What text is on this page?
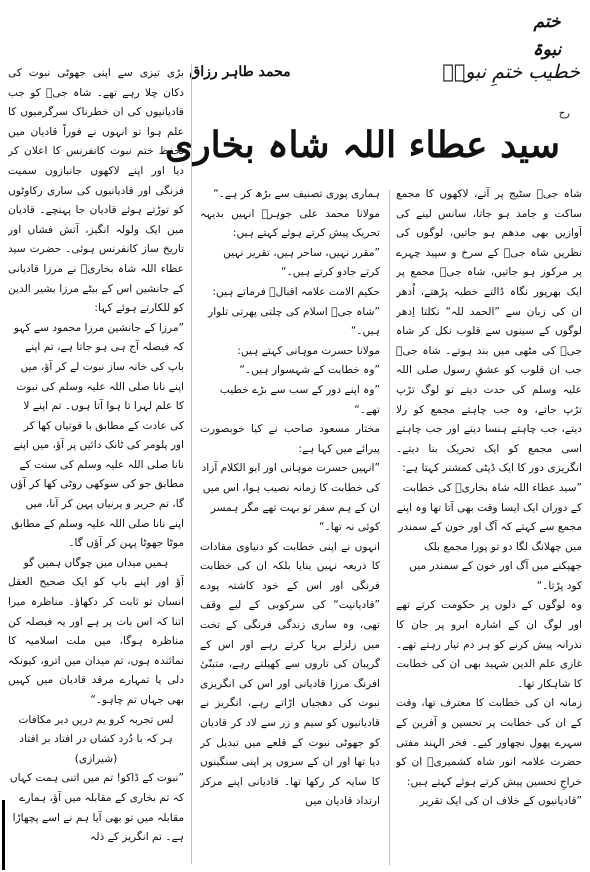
ختم نبوۃ
خطیب ختمِ نبوتؐ
محمد طاہر رزاق
رح
سید عطاء اللہ شاہ بخاری

شاہ جیؒ سٹیج پر آتے، لاکھوں کا مجمع ساکت و جامد ہو جاتا، سانس لینے کی آوازیں بھی مدھم ہو جاتیں، لوگوں کی نظریں شاہ جیؒ کے سرخ و سپید چہرے پر مرکوز ہو جاتیں، شاہ جیؒ مجمع پر ایک بھرپور نگاہ ڈالتے خطبہ پڑھتے، اُدھر ان کی زبان سے ”الحمد للہ“ نکلتا اِدھر لوگوں کے سینوں سے قلوب نکل کر شاہ جیؒ کی مٹھی میں بند ہوتے۔ شاہ جیؒ جب ان قلوب کو عشقِ رسول صلی اللہ علیہ وسلم کی حدت دیتے تو لوگ تڑپ تڑپ جاتے، وہ جب چاہتے مجمع کو رلا دیتے، جب چاہتے ہنسا دیتے اور جب چاہتے اسی مجمع کو ایک تحریک بنا دیتے۔ انگریزی دور کا ایک ڈپٹی کمشنر کہتا ہے:

”سید عطاء اللہ شاہ بخاریؒ کی خطابت کے دوران ایک ایسا وقت بھی آتا تھا وہ اپنے مجمع سے کہتے کہ آگ اور خون کے سمندر میں چھلانگ لگا دو تو پورا مجمع بلک جھپکنے میں آگ اور خون کے سمندر میں کود پڑتا۔“

وہ لوگوں کے دلوں پر حکومت کرتے تھے اور لوگ ان کے اشارہ ابرو پر جان کا نذرانہ پیش کرنے کو ہر دم تیار رہتے تھے۔ غازی علم الدین شہید بھی ان کی خطابت کا شاہکار تھا۔

زمانہ ان کی خطابت کا معترف تھا، وقت کے ان کی خطابت پر تحسین و آفرین کے سہرے پھول نچھاور کیے۔ فخر الہند مفتی حضرت علامہ انور شاہ کشمیریؒ ان کو خراجِ تحسین پیش کرتے ہوئے کہتے ہیں:

”قادیانیوں کے خلاف ان کی ایک تقریر

ہماری پوری تصنیف سے بڑھ کر ہے۔“

مولانا محمد علی جوہرؒ انہیں بدیہہ تحریک پیش کرتے ہوئے کہتے ہیں:

”مقرر نہیں، ساحر ہیں، تقریر نہیں کرتے جادو کرتے ہیں۔“

حکیم الامت علامہ اقبالؒ فرماتے ہیں:

”شاہ جیؒ اسلام کی چلتی پھرتی تلوار ہیں۔“

مولانا حسرت موہانی کہتے ہیں:

”وہ خطابت کے شہسوار ہیں۔“

”وہ اپنے دور کے سب سے بڑے خطیب تھے۔“

مختار مسعود صاحب نے کیا خوبصورت پیرائے میں کہا ہے:

”انہیں حسرت موہانی اور ابو الکلام آزاد کی خطابت کا زمانہ نصیب ہوا، اس میں ان کے ہم سفر تو بہت تھے مگر ہمسر کوئی نہ تھا۔“

انہوں نے اپنی خطابت کو دنیاوی مفادات کا ذریعہ نہیں بنایا بلکہ ان کی خطابت فرنگی اور اس کے خود کاشتہ پودے ”قادیانیت“ کی سرکوبی کے لیے وقف تھی، وہ ساری زندگی فرنگی کے تخت میں زلزلے برپا کرتے رہے اور اس کے گریبان کی تاروں سے کھیلتے رہے، متبنّیٔ افرنگ مرزا قادیانی اور اس کی انگریزی نبوت کی دھجیاں اڑاتے رہے، انگریز نے قادیانیوں کو سیم و زر سے لاد کر قادیان کو جھوٹی نبوت کے قلعے میں تبدیل کر دیا تھا اور ان کے سروں پر اپنی سنگینوں کا سایہ کر رکھا تھا۔ قادیانی اپنے مرکز ارتداد قادیان میں

بڑی تیزی سے اپنی جھوٹی نبوت کی دکان چلا رہے تھے۔ شاہ جیؒ کو جب قادیانیوں کی ان خطرناک سرگرمیوں کا علم ہوا تو انہوں نے فوراً قادیان میں تحفظ ختم نبوت کانفرنس کا اعلان کر دیا اور اپنے لاکھوں جانبازوں سمیت فرنگی اور قادیانیوں کی ساری رکاوٹوں کو توڑتے ہوئے قادیان جا پہنچے۔ قادیان میں ایک ولولہ انگیز، آتش فشاں اور تاریخ ساز کانفرنس ہوئی۔ حضرت سید عطاء اللہ شاہ بخاریؒ نے مرزا قادیانی کے جانشین اس کے بیٹے مرزا بشیر الدین کو للکارتے ہوئے کہا:

”مرزا کے جانشین مرزا محمود سے کہو کہ فیصلہ آج ہی ہو جاتا ہے، تم اپنے باپ کی خانہ ساز نبوت لے کر آؤ، میں اپنے نانا صلی اللہ علیہ وسلم کی نبوت کا علم لہرا تا ہوا آتا ہوں۔ تم اپنے لا کی عادت کے مطابق با قوتیاں کھا کر اور پلومر کی ٹانک دائیں پر آؤ، میں اپنے نانا صلی اللہ علیہ وسلم کی سنت کے مطابق جو کی سوکھی روٹی کھا کر آؤں گا، تم حریر و پرنیاں پہن کر آنا، میں اپنے نانا صلی اللہ علیہ وسلم کے مطابق موٹا جھوٹا پہن کر آؤں گا۔

ہمیں میداں میں چوگاں ہمیں گو

آؤ اور اپنے باپ کو ایک صحیح العقل انسان تو ثابت کر دکھاؤ۔ مناظرہ میرا اتنا کہ اس بات پر ہے اور یہ فیصلہ کن مناظرہ ہوگا، میں ملت اسلامیہ کا نمائندہ ہوں، تم میدان میں اترو، کیونکہ دلی یا تمہارے مرقد قادیان میں کہیں بھی جہاں تم چاہو۔“

لس تجربہ کرو یم دریں دیر مکافات

ہر کہ با دُرد کشاں در افتاد بر افتاد

(شیرازی)

”نبوت کے ڈاکو! تم میں اتنی ہمت کہاں کہ تم بخاری کے مقابلہ میں آؤ، ہمارے مقابلہ میں تو بھی آیا ہم نے اسے پچھاڑا ہے۔ تم انگریز کے ذلہ
